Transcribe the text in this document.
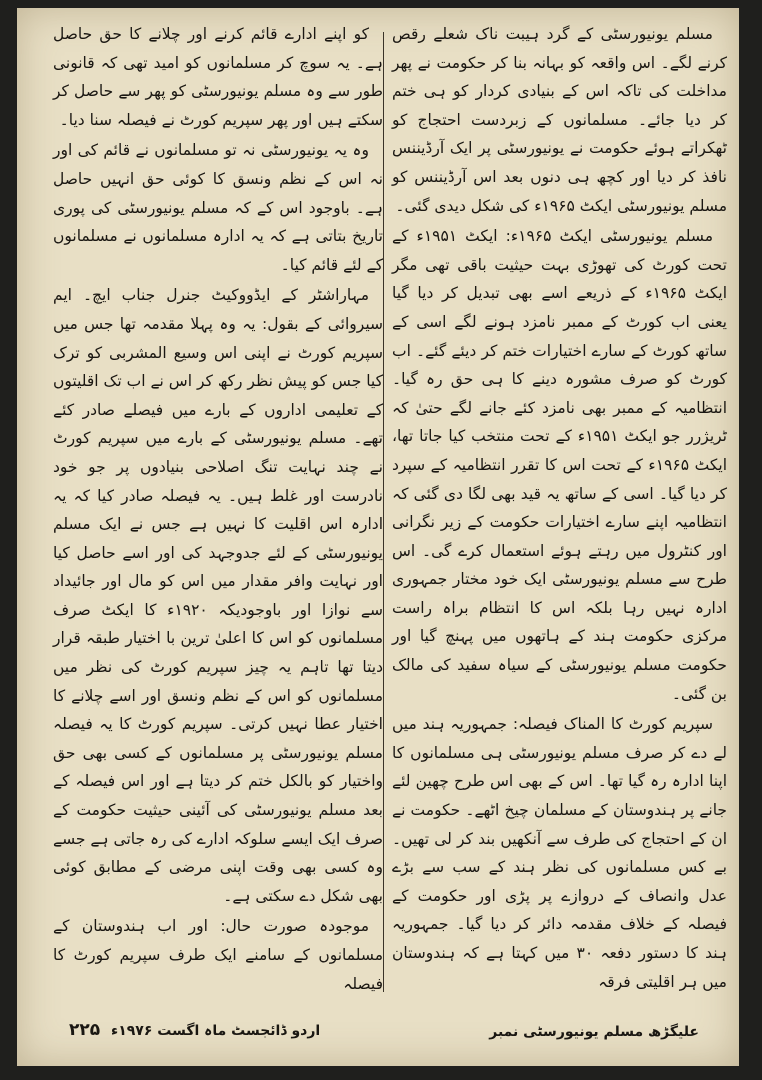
مسلم یونیورسٹی کے گرد ہیبت ناک شعلے رقص کرنے لگے۔ اس واقعہ کو بہانہ بنا کر حکومت نے پھر مداخلت کی تاکہ اس کے بنیادی کردار کو ہی ختم کر دیا جائے۔ مسلمانوں کے زبردست احتجاج کو ٹھکراتے ہوئے حکومت نے یونیورسٹی پر ایک آرڈیننس نافذ کر دیا اور کچھ ہی دنوں بعد اس آرڈیننس کو مسلم یونیورسٹی ایکٹ ۱۹۶۵ء کی شکل دیدی گئی۔

مسلم یونیورسٹی ایکٹ ۱۹۶۵ء: ایکٹ ۱۹۵۱ء کے تحت کورٹ کی تھوڑی بہت حیثیت باقی تھی مگر ایکٹ ۱۹۶۵ء کے ذریعے اسے بھی تبدیل کر دیا گیا یعنی اب کورٹ کے ممبر نامزد ہونے لگے اسی کے ساتھ کورٹ کے سارے اختیارات ختم کر دیئے گئے۔ اب کورٹ کو صرف مشورہ دینے کا ہی حق رہ گیا۔ انتظامیہ کے ممبر بھی نامزد کئے جانے لگے حتیٰ کہ ٹریژرر جو ایکٹ ۱۹۵۱ء کے تحت منتخب کیا جاتا تھا، ایکٹ ۱۹۶۵ء کے تحت اس کا تقرر انتظامیہ کے سپرد کر دیا گیا۔ اسی کے ساتھ یہ قید بھی لگا دی گئی کہ انتظامیہ اپنے سارے اختیارات حکومت کے زیر نگرانی اور کنٹرول میں رہتے ہوئے استعمال کرے گی۔ اس طرح سے مسلم یونیورسٹی ایک خود مختار جمہوری ادارہ نہیں رہا بلکہ اس کا انتظام براہ راست مرکزی حکومت ہند کے ہاتھوں میں پہنچ گیا اور حکومت مسلم یونیورسٹی کے سیاہ سفید کی مالک بن گئی۔

سپریم کورٹ کا المناک فیصلہ: جمہوریہ ہند میں لے دے کر صرف مسلم یونیورسٹی ہی مسلمانوں کا اپنا ادارہ رہ گیا تھا۔ اس کے بھی اس طرح چھین لئے جانے پر ہندوستان کے مسلمان چیخ اٹھے۔ حکومت نے ان کے احتجاج کی طرف سے آنکھیں بند کر لی تھیں۔ بے کس مسلمانوں کی نظر ہند کے سب سے بڑے عدل وانصاف کے دروازے پر پڑی اور حکومت کے فیصلہ کے خلاف مقدمہ دائر کر دیا گیا۔ جمہوریہ ہند کا دستور دفعہ ۳۰ میں کہتا ہے کہ ہندوستان میں ہر اقلیتی فرقہ

کو اپنے ادارے قائم کرنے اور چلانے کا حق حاصل ہے۔ یہ سوچ کر مسلمانوں کو امید تھی کہ قانونی طور سے وہ مسلم یونیورسٹی کو پھر سے حاصل کر سکتے ہیں اور پھر سپریم کورٹ نے فیصلہ سنا دیا۔

وہ یہ یونیورسٹی نہ تو مسلمانوں نے قائم کی اور نہ اس کے نظم ونسق کا کوئی حق انہیں حاصل ہے۔ باوجود اس کے کہ مسلم یونیورسٹی کی پوری تاریخ بتاتی ہے کہ یہ ادارہ مسلمانوں نے مسلمانوں کے لئے قائم کیا۔

مہاراشٹر کے ایڈووکیٹ جنرل جناب ایچ۔ ایم سیروائی کے بقول: یہ وہ پہلا مقدمہ تھا جس میں سپریم کورٹ نے اپنی اس وسیع المشربی کو ترک کیا جس کو پیش نظر رکھ کر اس نے اب تک اقلیتوں کے تعلیمی اداروں کے بارے میں فیصلے صادر کئے تھے۔ مسلم یونیورسٹی کے بارے میں سپریم کورٹ نے چند نہایت تنگ اصلاحی بنیادوں پر جو خود نادرست اور غلط ہیں۔ یہ فیصلہ صادر کیا کہ یہ ادارہ اس اقلیت کا نہیں ہے جس نے ایک مسلم یونیورسٹی کے لئے جدوجہد کی اور اسے حاصل کیا اور نہایت وافر مقدار میں اس کو مال اور جائیداد سے نوازا اور باوجودیکہ ۱۹۲۰ء کا ایکٹ صرف مسلمانوں کو اس کا اعلیٰ ترین با اختیار طبقہ قرار دیتا تھا تاہم یہ چیز سپریم کورٹ کی نظر میں مسلمانوں کو اس کے نظم ونسق اور اسے چلانے کا اختیار عطا نہیں کرتی۔ سپریم کورٹ کا یہ فیصلہ مسلم یونیورسٹی پر مسلمانوں کے کسی بھی حق واختیار کو بالکل ختم کر دیتا ہے اور اس فیصلہ کے بعد مسلم یونیورسٹی کی آئینی حیثیت حکومت کے صرف ایک ایسے سلوکہ ادارے کی رہ جاتی ہے جسے وہ کسی بھی وقت اپنی مرضی کے مطابق کوئی بھی شکل دے سکتی ہے۔

موجودہ صورت حال: اور اب ہندوستان کے مسلمانوں کے سامنے ایک طرف سپریم کورٹ کا فیصلہ

علیگڑھ مسلم یونیورسٹی نمبر
اردو ڈائجسٹ ماہ اگست ۱۹۷۶ء ۲۲۵
